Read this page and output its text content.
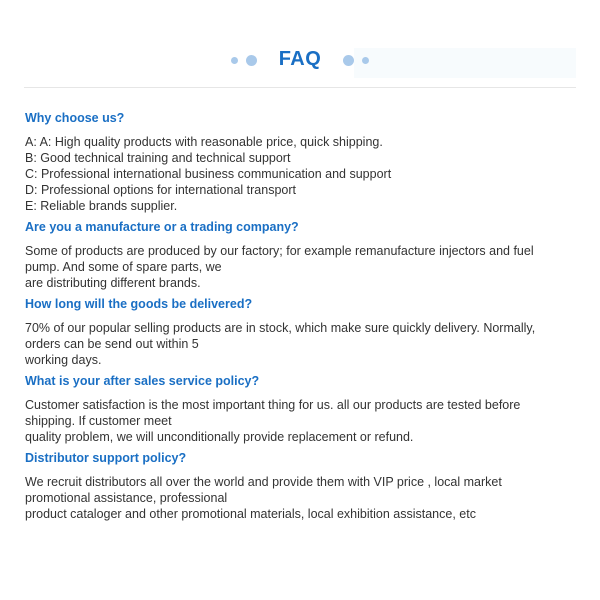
FAQ
Why choose us?

A: A: High quality products with reasonable price, quick shipping.

B: Good technical training and technical support

C: Professional international business communication and support

D: Professional options for international transport

E: Reliable brands supplier.

Are you a manufacture or a trading company?

Some of products are produced by our factory; for example remanufacture injectors and fuel

pump. And some of spare parts, we

are distributing different brands.

How long will the goods be delivered?

70% of our popular selling products are in stock, which make sure quickly delivery. Normally,

orders can be send out within 5

working days.

What is your after sales service policy?

Customer satisfaction is the most important thing for us. all our products are tested before

shipping. If customer meet

quality problem, we will unconditionally provide replacement or refund.

Distributor support policy?

We recruit distributors all over the world and provide them with VIP price , local market

promotional assistance, professional

product cataloger and other promotional materials, local exhibition assistance, etc
